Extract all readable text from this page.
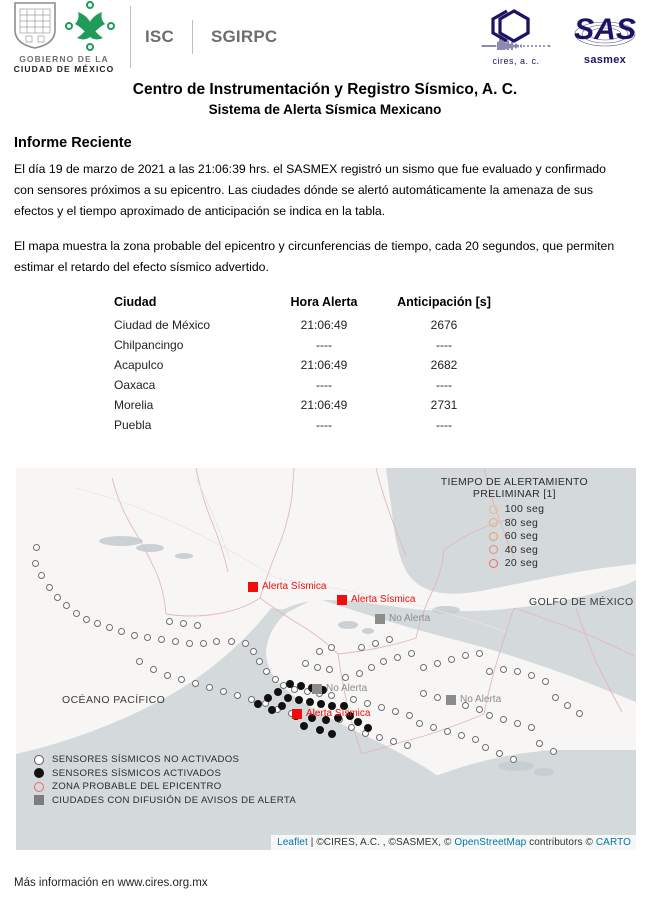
GOBIERNO DE LA
CIUDAD DE MÉXICO
ISC SGIRPC
cires, a. c.
SAS
sasmex
Centro de Instrumentación y Registro Sísmico, A. C.
Sistema de Alerta Sísmica Mexicano
Informe Reciente

El día 19 de marzo de 2021 a las 21:06:39 hrs. el SASMEX registró un sismo que fue evaluado y confirmado con sensores próximos a su epicentro. Las ciudades dónde se alertó automáticamente la amenaza de sus efectos y el tiempo aproximado de anticipación se indica en la tabla.

El mapa muestra la zona probable del epicentro y circunferencias de tiempo, cada 20 segundos, que permiten estimar el retardo del efecto sísmico advertido.

Ciudad	Hora Alerta	Anticipación [s]
Ciudad de México	21:06:49	2676
Chilpancingo	----	----
Acapulco	21:06:49	2682
Oaxaca	----	----
Morelia	21:06:49	2731
Puebla	----	----
OCÉANO PACÍFICO
GOLFO DE MÉXICO
TIEMPO DE ALERTAMIENTO
PRELIMINAR [1]
100 seg
80 seg
60 seg
40 seg
20 seg
Alerta Sísmica
Alerta Sísmica
No Alerta
No Alerta
No Alerta
Alerta Sísmica
SENSORES SÍSMICOS NO ACTIVADOS
SENSORES SÍSMICOS ACTIVADOS
ZONA PROBABLE DEL EPICENTRO
CIUDADES CON DIFUSIÓN DE AVISOS DE ALERTA
Leaflet | ©CIRES, A.C. , ©SASMEX, © OpenStreetMap contributors © CARTO
Más información en www.cires.org.mx
